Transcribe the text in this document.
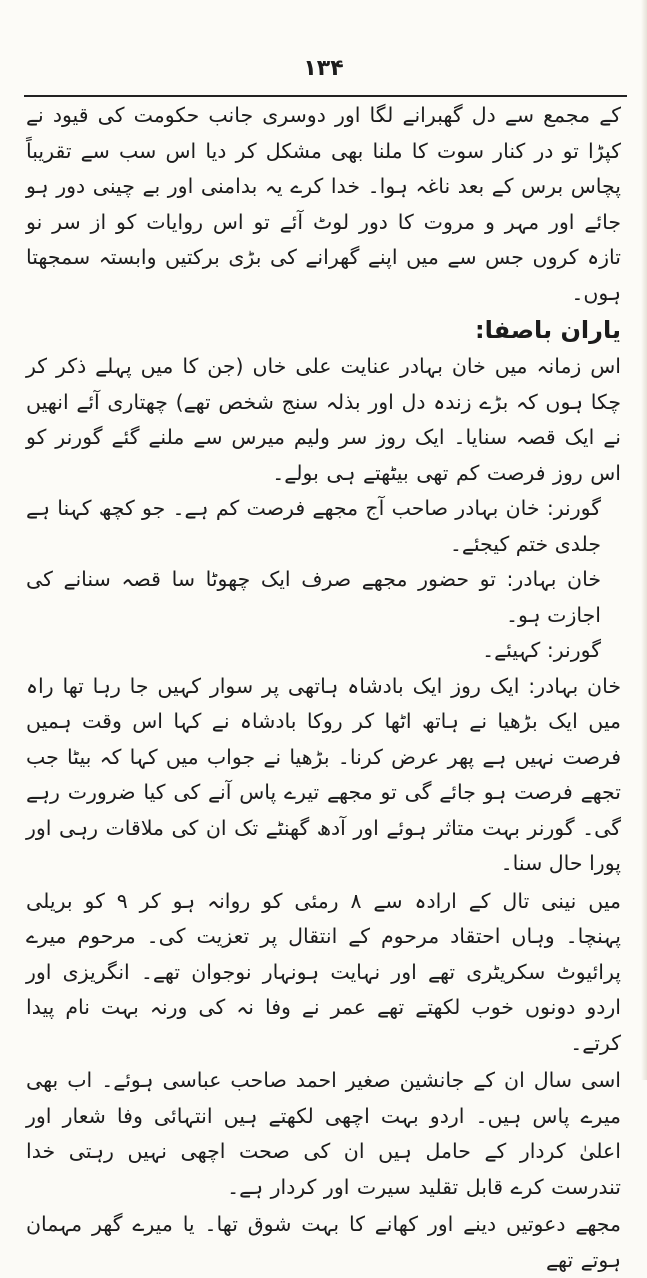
۱۳۴

کے مجمع سے دل گھبرانے لگا اور دوسری جانب حکومت کی قیود نے کپڑا تو در کنار سوت کا ملنا بھی مشکل کر دیا اس سب سے تقریباً پچاس برس کے بعد ناغہ ہوا۔ خدا کرے یہ بدامنی اور بے چینی دور ہو جائے اور مہر و مروت کا دور لوٹ آئے تو اس روایات کو از سر نو تازہ کروں جس سے میں اپنے گھرانے کی بڑی برکتیں وابستہ سمجھتا ہوں۔

یاران باصفا:

اس زمانہ میں خان بہادر عنایت علی خاں (جن کا میں پہلے ذکر کر چکا ہوں کہ بڑے زندہ دل اور بذلہ سنج شخص تھے) چھتاری آئے انھیں نے ایک قصہ سنایا۔ ایک روز سر ولیم میرس سے ملنے گئے گورنر کو اس روز فرصت کم تھی بیٹھتے ہی بولے۔

گورنر: خان بہادر صاحب آج مجھے فرصت کم ہے۔ جو کچھ کہنا ہے جلدی ختم کیجئے۔

خان بہادر: تو حضور مجھے صرف ایک چھوٹا سا قصہ سنانے کی اجازت ہو۔

گورنر: کہیئے۔

خان بہادر: ایک روز ایک بادشاہ ہاتھی پر سوار کہیں جا رہا تھا راہ میں ایک بڑھیا نے ہاتھ اٹھا کر روکا بادشاہ نے کہا اس وقت ہمیں فرصت نہیں ہے پھر عرض کرنا۔ بڑھیا نے جواب میں کہا کہ بیٹا جب تجھے فرصت ہو جائے گی تو مجھے تیرے پاس آنے کی کیا ضرورت رہے گی۔ گورنر بہت متاثر ہوئے اور آدھ گھنٹے تک ان کی ملاقات رہی اور پورا حال سنا۔

میں نینی تال کے ارادہ سے ۸ رمئی کو روانہ ہو کر ۹ کو بریلی پہنچا۔ وہاں احتقاد مرحوم کے انتقال پر تعزیت کی۔ مرحوم میرے پرائیوٹ سکریٹری تھے اور نہایت ہونہار نوجوان تھے۔ انگریزی اور اردو دونوں خوب لکھتے تھے عمر نے وفا نہ کی ورنہ بہت نام پیدا کرتے۔

اسی سال ان کے جانشین صغیر احمد صاحب عباسی ہوئے۔ اب بھی میرے پاس ہیں۔ اردو بہت اچھی لکھتے ہیں انتہائی وفا شعار اور اعلیٰ کردار کے حامل ہیں ان کی صحت اچھی نہیں رہتی خدا تندرست کرے قابل تقلید سیرت اور کردار ہے۔

مجھے دعوتیں دینے اور کھانے کا بہت شوق تھا۔ یا میرے گھر مہمان ہوتے تھے
